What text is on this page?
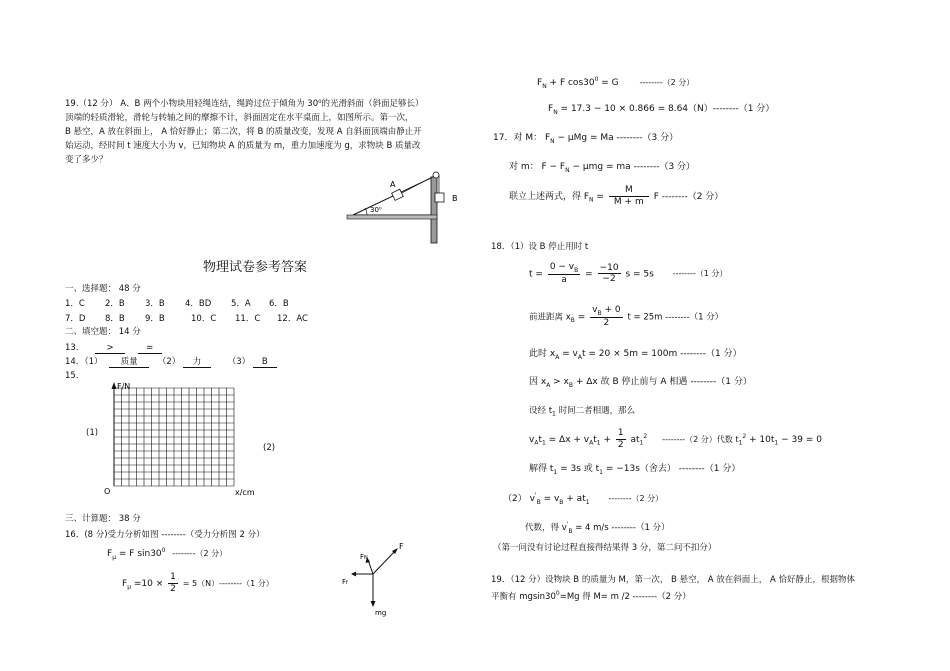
19.（12 分） A、B 两个小物块用轻绳连结，绳跨过位于倾角为 30⁰的光滑斜面（斜面足够长）
顶端的轻质滑轮，滑轮与转轴之间的摩擦不计，斜面固定在水平桌面上，如图所示。第一次，
B 悬空，A 放在斜面上， A 恰好静止；第二次，将 B 的质量改变，发现 A 自斜面顶端由静止开
始运动，经时间 t 速度大小为 v，已知物块 A 的质量为 m，重力加速度为 g，求物块 B 质量改
变了多少？
A
B
30⁰
物理试卷参考答案
一、选择题： 48 分
1．C 2．B 3．B 4．BD 5．A 6．B
7．D 8．B 9．B	10．C 11．C 12．AC
二、填空题： 14 分
13．	>	=
14．（1） 质量 （2） 力	（3） B
15．
F/N
x/cm
O
(1)
(2)
三、计算题： 38 分
16．(8 分)受力分析如图 --------（受力分析图 2 分）
$F_\mu = F$ $\sin 30^0$ --------（2 分）
$F_\mu =10 \times \frac{1}{2} = 5(N)--------(1$ 分）
FN
F
Ff
mg
$F_N + F$ $\cos 30^0 = G$	--------（2 分）
$F_N = 17.3 - 10 \times 0.866 = 8.64(N)--------(1$ 分）
17．对 M： $F_N - \mu Mg = Ma$ --------（3 分）
对 m： $F - F_N - \mu mg$ = ma --------（3 分）
联立上述两式，得 $F_N = \frac{M}{M + m}$ F --------（2 分）
18．（1）设 B 停止用时 t
$t = \frac{0 - v_B}{a} = \frac{-10}{-2}$ s = 5s --------（1 分）
前进距离 $x_B = \frac{v_B + 0}{2}$ t = 25m --------（1 分）
此时 $x_A = v_At = 20 \times 5m = 100m$ --------（1 分）
因 $x_A > x_B + \Delta x$ 故 B 停止前与 A 相遇 --------（1 分）
设经 $t_1$ 时间二者相遇，那么
$v_At_1 = \Delta x + v_At_1 + \frac{1}{2} at_1^2$ --------（2 分）代数 $t_1^2 + 10t_1 - 39 = 0$
解得 $t_1 = 3s$ 或 $t_1 = -13s$（舍去） --------（1 分）
（2） $v'_B = v_B + at_1$ --------（2 分）
代数，得 $v'_B = 4$ m/s --------（1 分）
（第一问没有讨论过程直接得结果得 3 分，第二问不扣分）
19．（12 分）设物块 B 的质量为 M，第一次， B 悬空， A 放在斜面上， A 恰好静止，根据物体
平衡有 $mgsin30^0=Mg$ 得 M= m /2 --------（2 分）
